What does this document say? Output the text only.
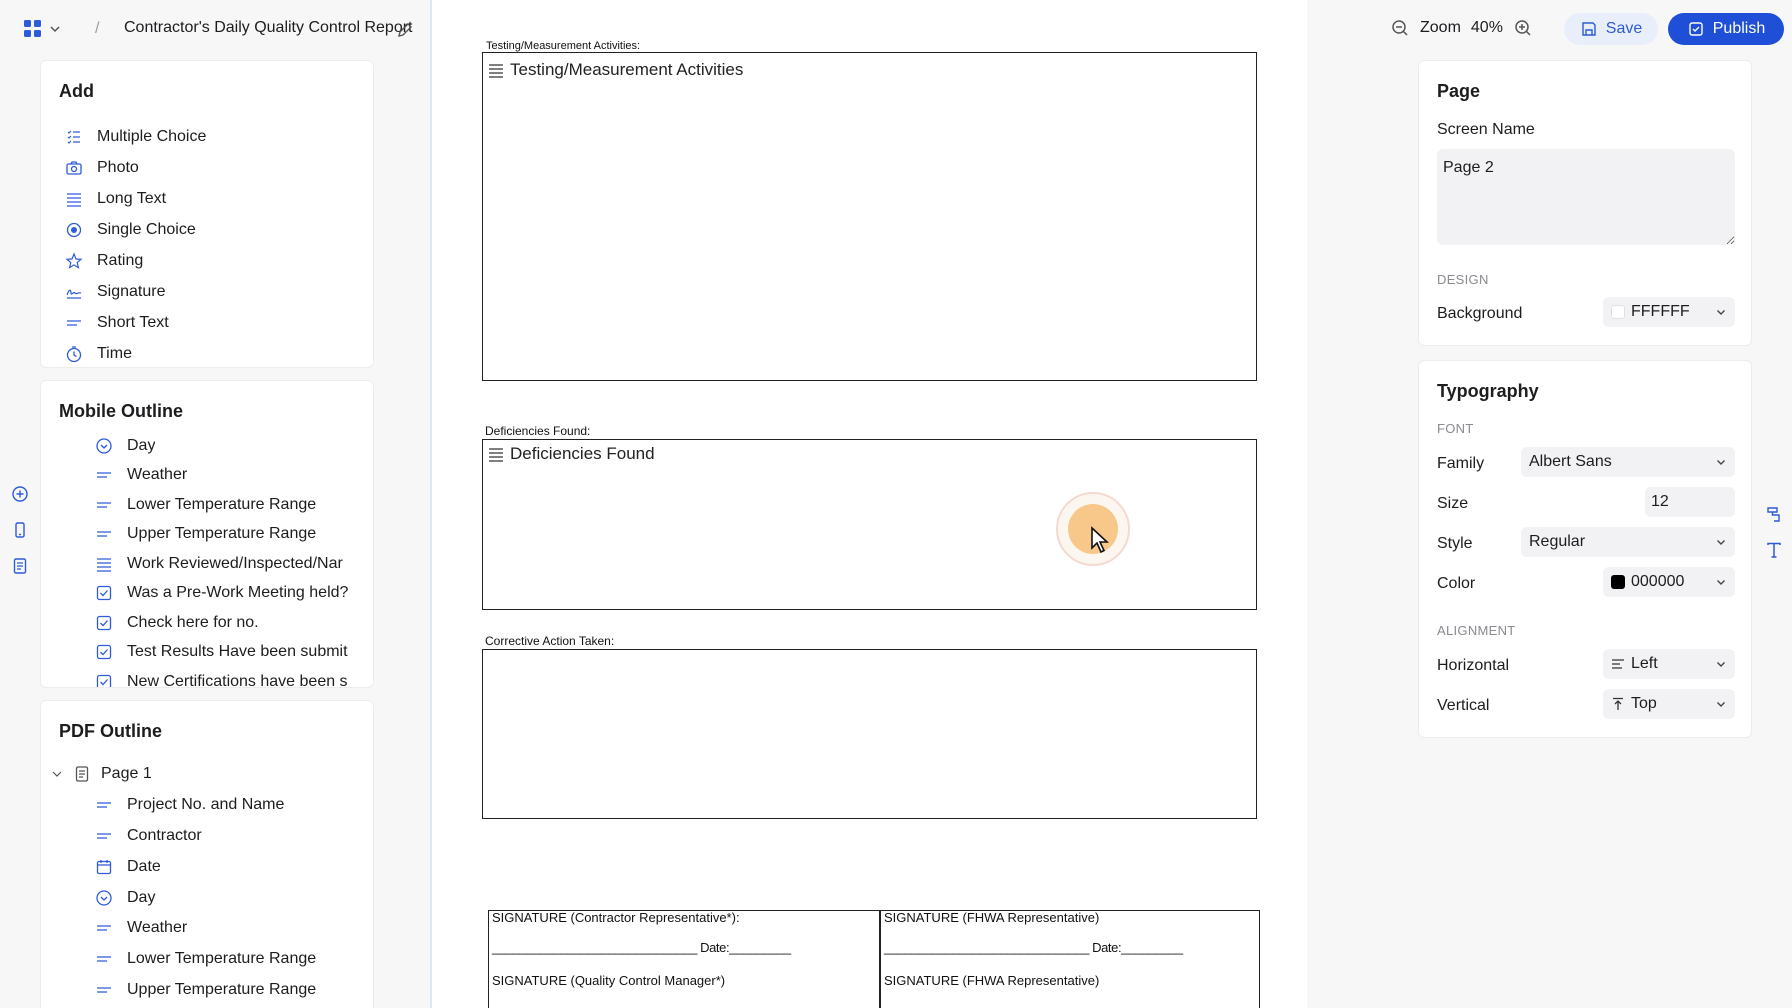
/ Contractor's Daily Quality Control Report	Zoom 40%	Save	Publish
Add
Multiple Choice
Photo
Long Text
Single Choice
Rating
Signature
Short Text
Time
Mobile Outline
Day
Weather
Lower Temperature Range
Upper Temperature Range
Work Reviewed/Inspected/Nar
Was a Pre-Work Meeting held?
Check here for no.
Test Results Have been submit
New Certifications have been s
PDF Outline
Page 1
Project No. and Name
Contractor
Date
Day
Weather
Lower Temperature Range
Upper Temperature Range
Testing/Measurement Activities:
Testing/Measurement Activities
Deficiencies Found:
Deficiencies Found
Corrective Action Taken:
SIGNATURE (Contractor Representative*):	SIGNATURE (FHWA Representative)
______________________________ Date:_________	______________________________ Date:_________
SIGNATURE (Quality Control Manager*)	SIGNATURE (FHWA Representative)
Page
Screen Name
Page 2
DESIGN
Background	FFFFFF
Typography
FONT
Family	Albert Sans
Size
12
Style	Regular
Color	000000
ALIGNMENT
Horizontal	Left
Vertical	Top
